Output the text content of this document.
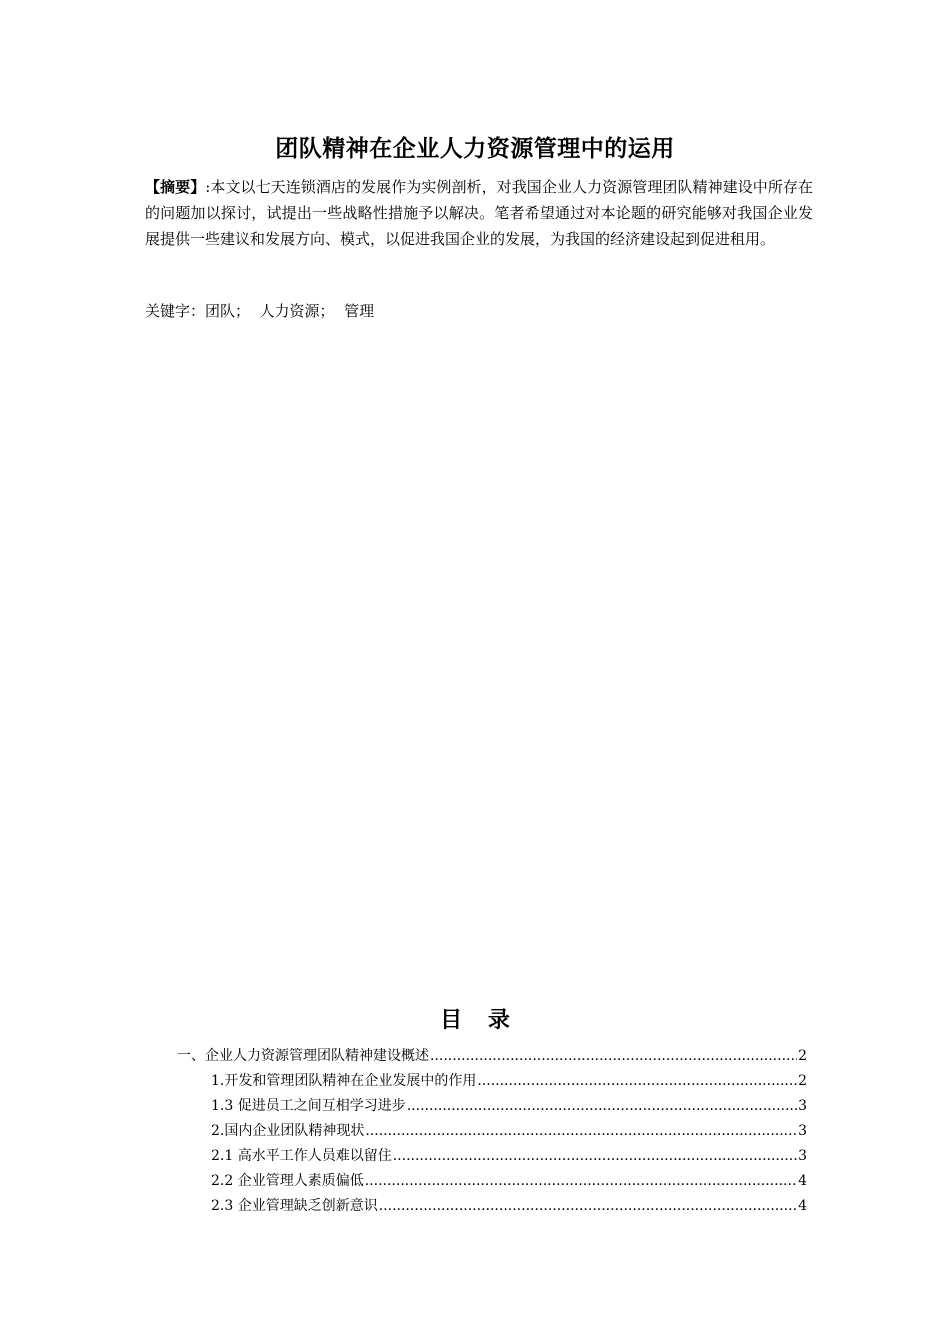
团队精神在企业人力资源管理中的运用
【摘要】:本文以七天连锁酒店的发展作为实例剖析，对我国企业人力资源管理团队精神建设中所存在的问题加以探讨，试提出一些战略性措施予以解决。笔者希望通过对本论题的研究能够对我国企业发展提供一些建议和发展方向、模式，以促进我国企业的发展，为我国的经济建设起到促进租用。
关键字：团队；  人力资源；  管理
目 录
一、企业人力资源管理团队精神建设概述 .....	2
1.开发和管理团队精神在企业发展中的作用 .....	2
1.3 促进员工之间互相学习进步 .....	3
2.国内企业团队精神现状 .....	3
2.1 高水平工作人员难以留住 .....	3
2.2 企业管理人素质偏低 .....	4
2.3 企业管理缺乏创新意识 .....	4
